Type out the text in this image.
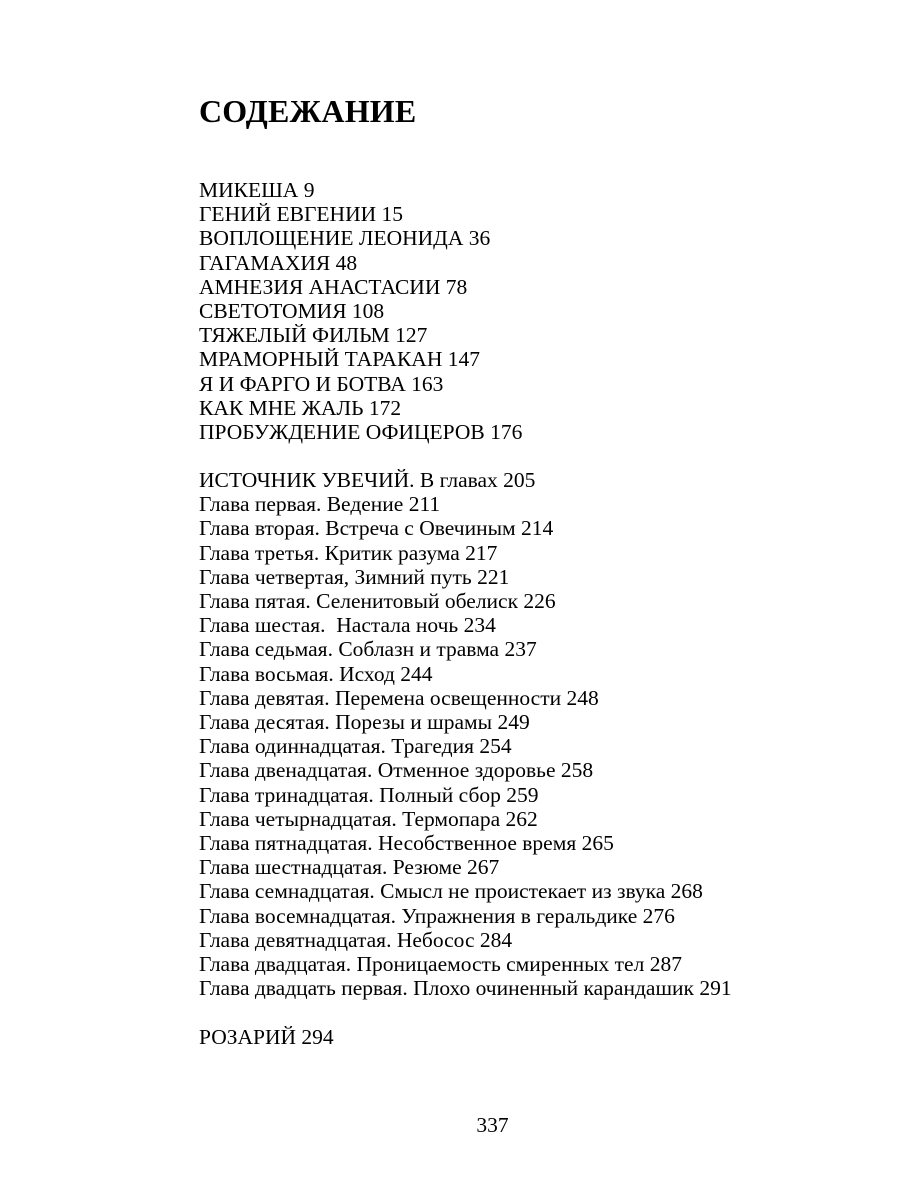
СОДЕЖАНИЕ
МИКЕША 9
ГЕНИЙ ЕВГЕНИИ 15
ВОПЛОЩЕНИЕ ЛЕОНИДА 36
ГАГАМАХИЯ 48
АМНЕЗИЯ АНАСТАСИИ 78
СВЕТОТОМИЯ 108
ТЯЖЕЛЫЙ ФИЛЬМ 127
МРАМОРНЫЙ ТАРАКАН 147
Я И ФАРГО И БОТВА 163
КАК МНЕ ЖАЛЬ 172
ПРОБУЖДЕНИЕ ОФИЦЕРОВ 176
ИСТОЧНИК УВЕЧИЙ. В главах 205
Глава первая. Ведение 211
Глава вторая. Встреча с Овечиным 214
Глава третья. Критик разума 217
Глава четвертая, Зимний путь 221
Глава пятая. Селенитовый обелиск 226
Глава шестая.  Настала ночь 234
Глава седьмая. Соблазн и травма 237
Глава восьмая. Исход 244
Глава девятая. Перемена освещенности 248
Глава десятая. Порезы и шрамы 249
Глава одиннадцатая. Трагедия 254
Глава двенадцатая. Отменное здоровье 258
Глава тринадцатая. Полный сбор 259
Глава четырнадцатая. Термопара 262
Глава пятнадцатая. Несобственное время 265
Глава шестнадцатая. Резюме 267
Глава семнадцатая. Смысл не проистекает из звука 268
Глава восемнадцатая. Упражнения в геральдике 276
Глава девятнадцатая. Небосос 284
Глава двадцатая. Проницаемость смиренных тел 287
Глава двадцать первая. Плохо очиненный карандашик 291
РОЗАРИЙ 294
337
